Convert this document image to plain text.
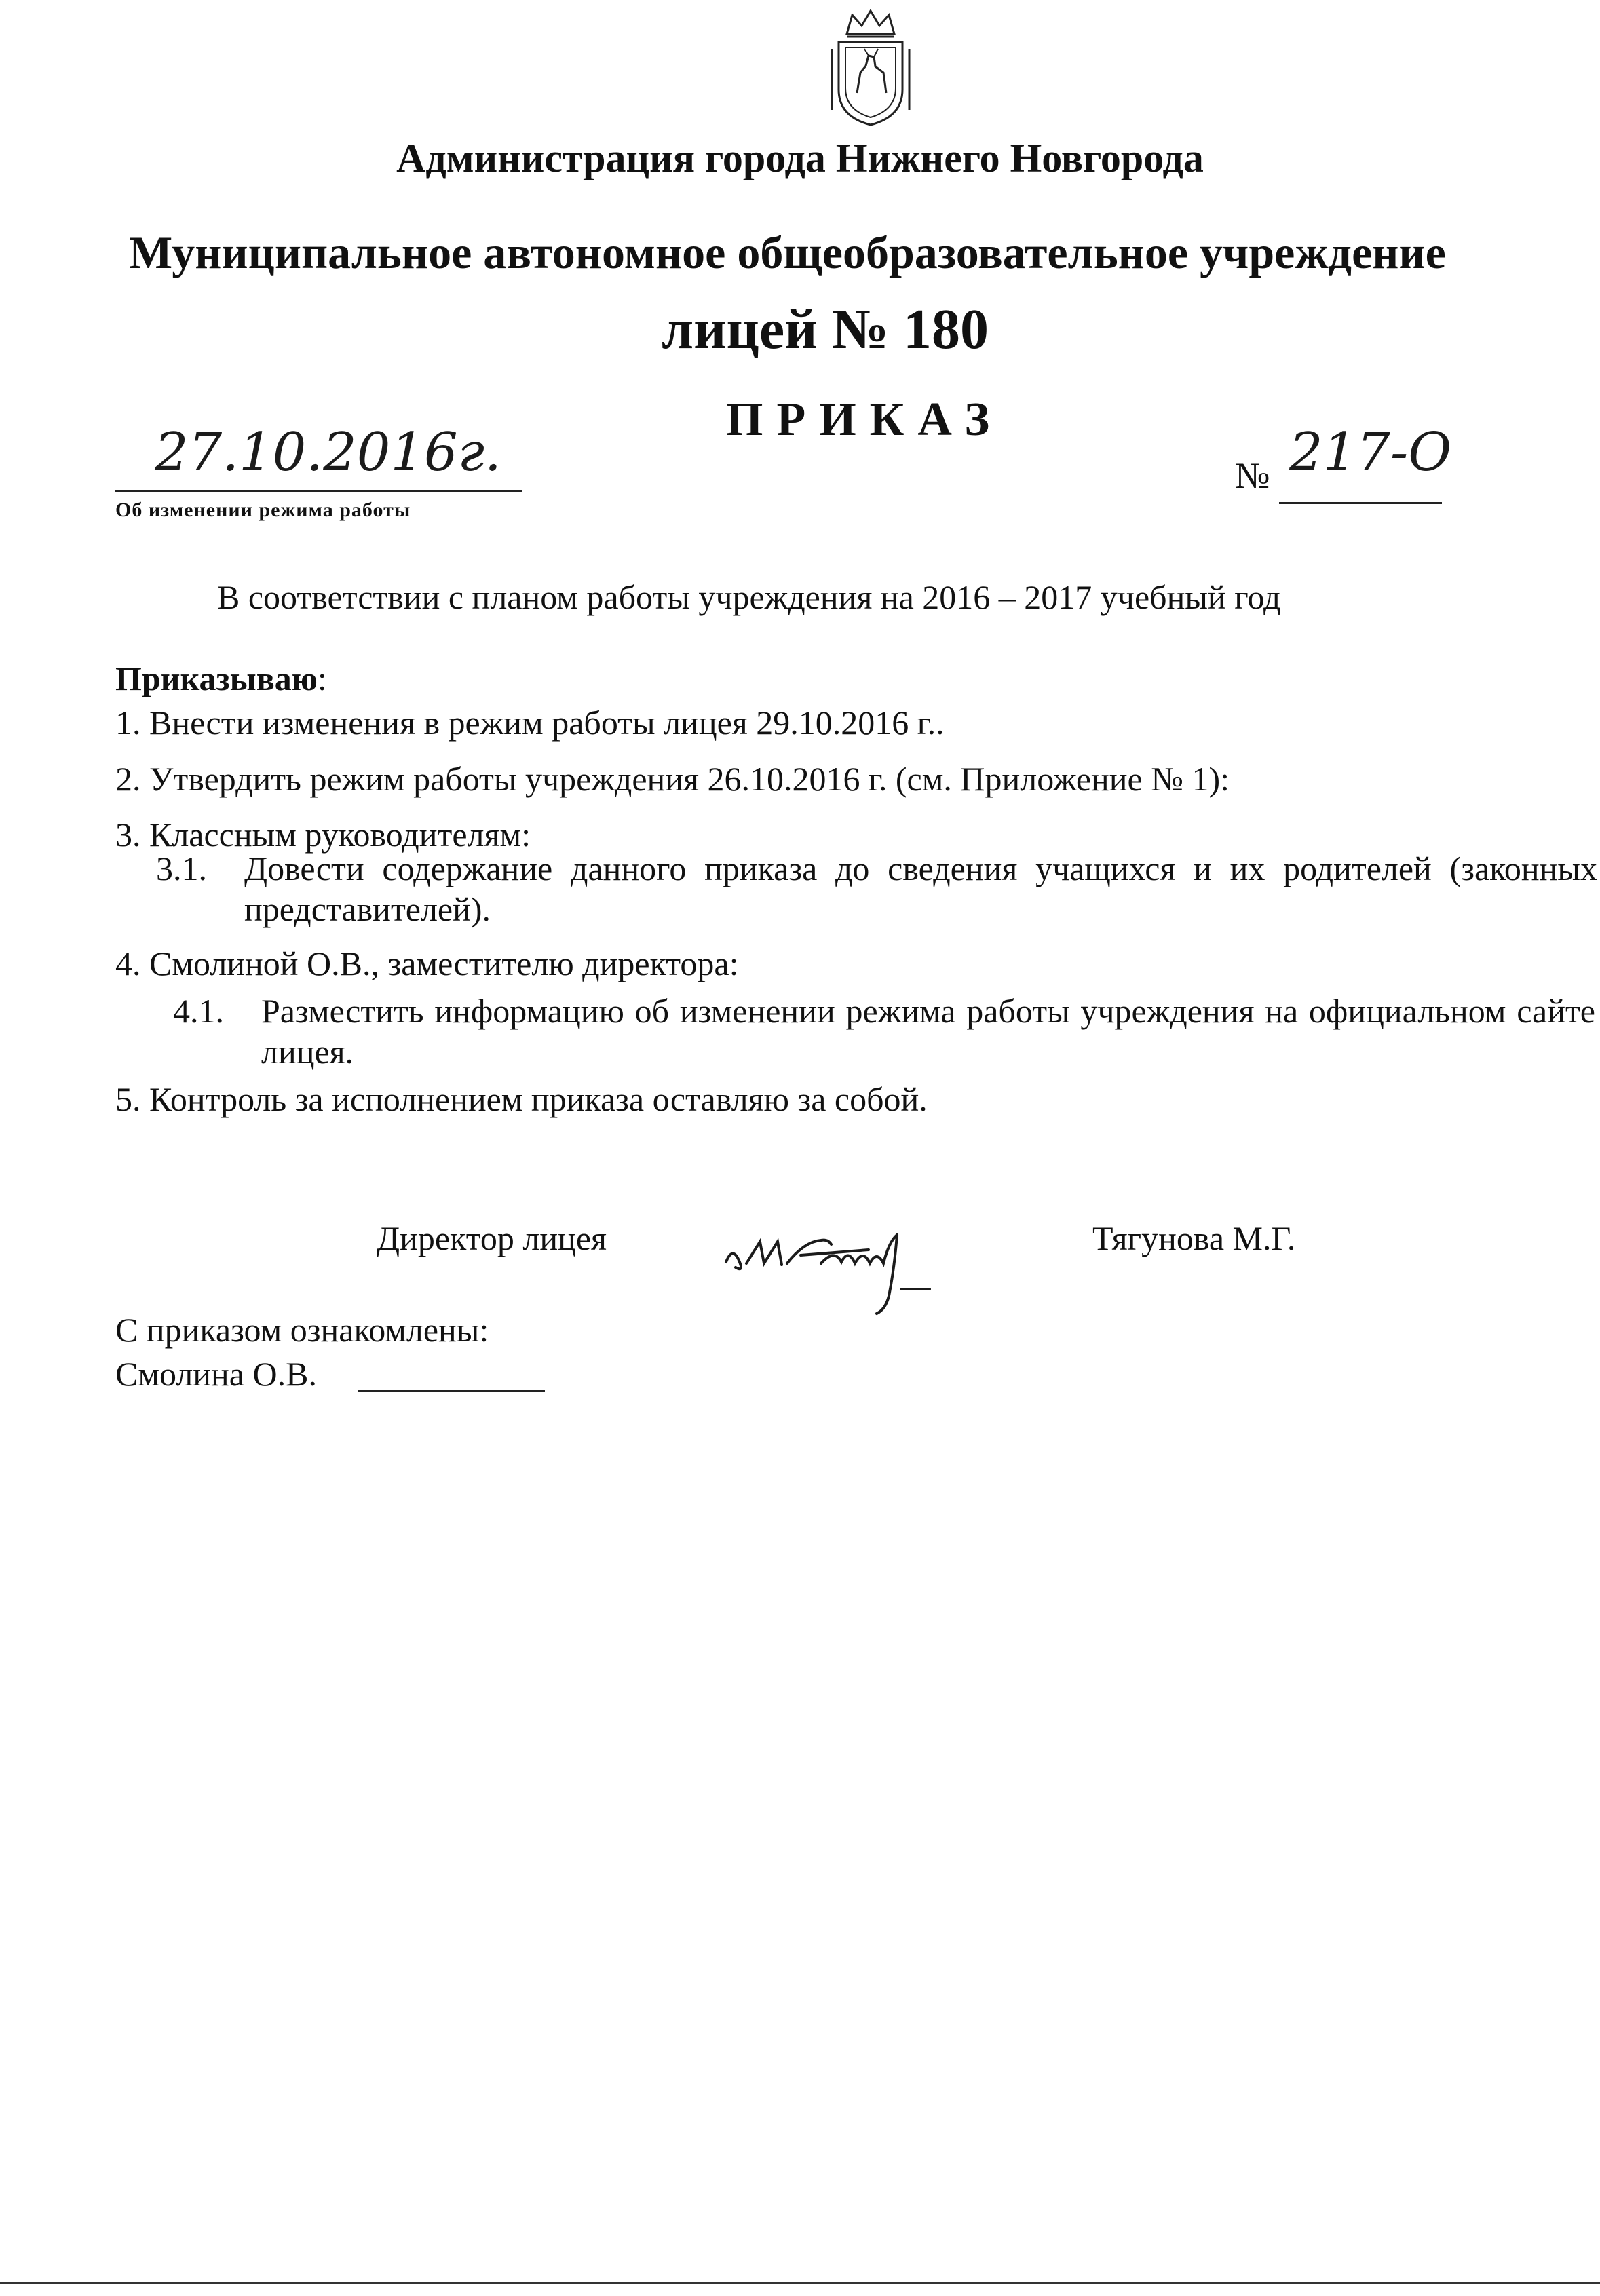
Администрация города Нижнего Новгорода
Муниципальное автономное общеобразовательное учреждение
лицей № 180
ПРИКАЗ
27.10.2016г.
Об изменении режима работы
№ 217-О
В соответствии с планом работы учреждения на 2016 – 2017 учебный год
Приказываю:
1. Внести изменения в режим работы лицея 29.10.2016 г..
2. Утвердить режим работы учреждения 26.10.2016 г. (см. Приложение № 1):
3. Классным руководителям:
3.1.	Довести содержание данного приказа до сведения учащихся и их родителей (законных представителей).
4. Смолиной О.В., заместителю директора:
4.1.	Разместить информацию об изменении режима работы учреждения на официальном сайте лицея.
5. Контроль за исполнением приказа оставляю за собой.
Директор лицея	Тягунова М.Г.
С приказом ознакомлены:
Смолина О.В.
